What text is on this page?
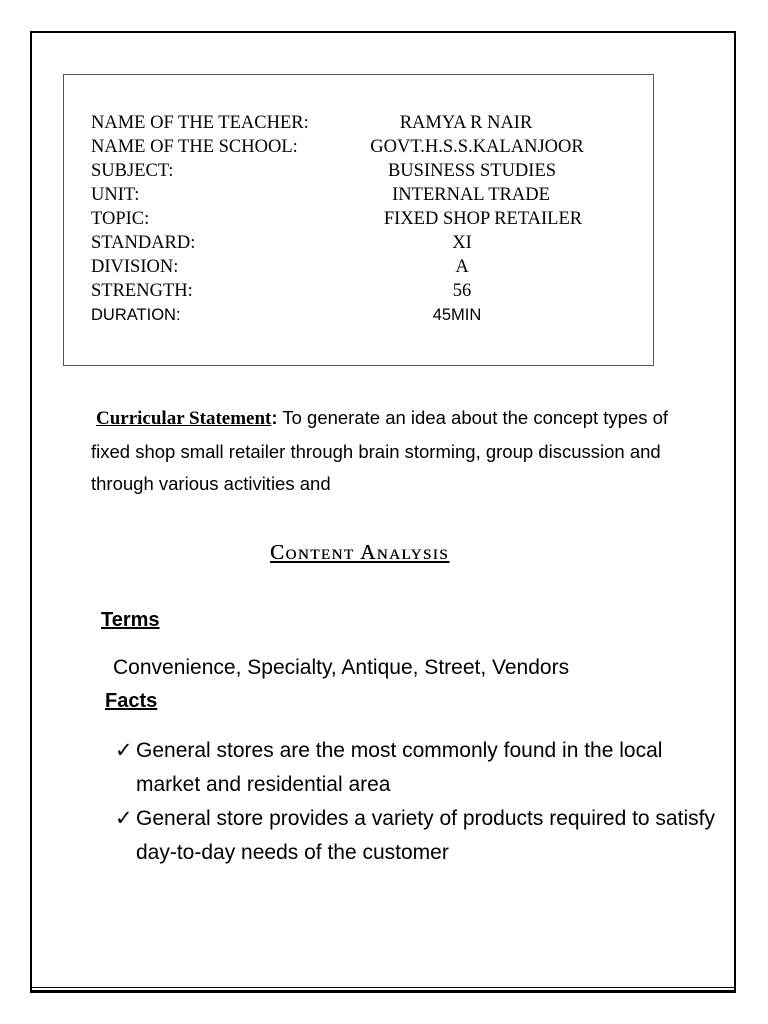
NAME OF THE TEACHER:	RAMYA R NAIR
NAME OF THE SCHOOL:	GOVT.H.S.S.KALANJOOR
SUBJECT:	BUSINESS STUDIES
UNIT:	INTERNAL TRADE
TOPIC:	FIXED SHOP RETAILER
STANDARD:	XI
DIVISION:	A
STRENGTH:	56
DURATION:	45MIN
Curricular Statement: To generate an idea about the concept types of fixed shop small retailer through brain storming, group discussion and through various activities and
Content Analysis
Terms
Convenience, Specialty, Antique, Street, Vendors
Facts
✓ General stores are the most commonly found in the local market and residential area
✓ General store provides a variety of products required to satisfy day-to-day needs of the customer
